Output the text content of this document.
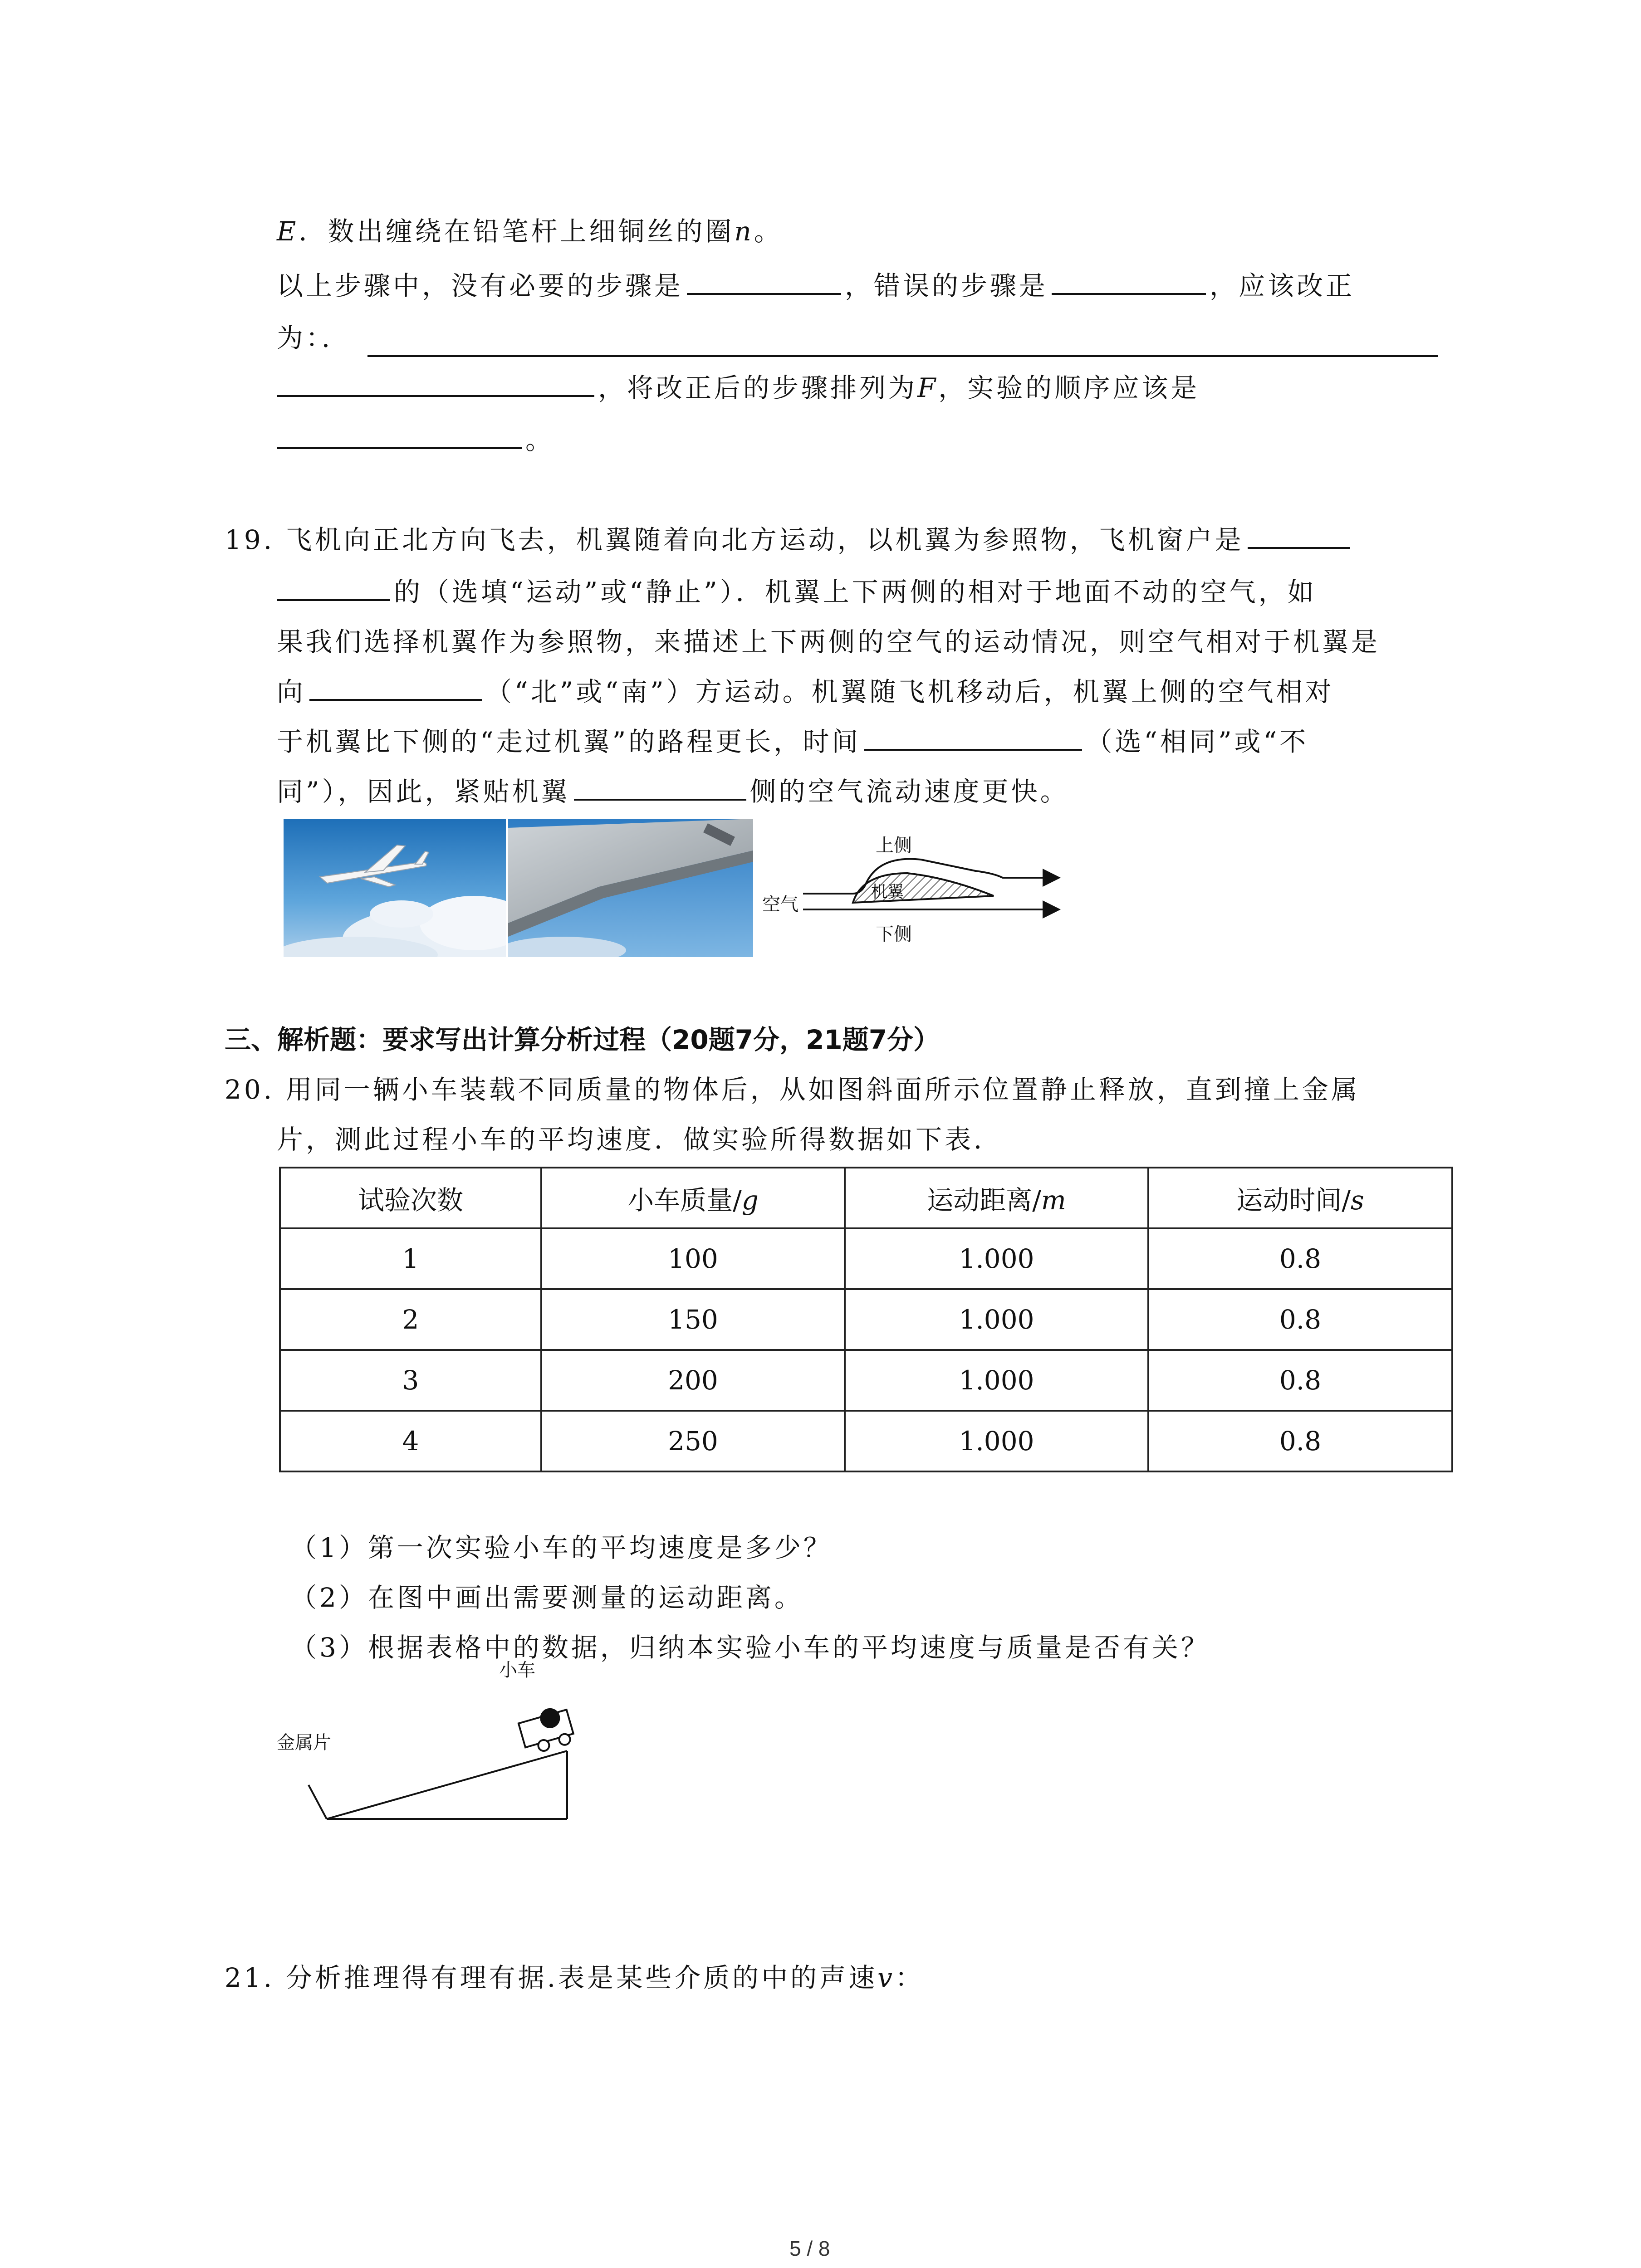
E．数出缠绕在铅笔杆上细铜丝的圈n。
以上步骤中，没有必要的步骤是	，错误的步骤是	，应该改正
为：．
，将改正后的步骤排列为F，实验的顺序应该是
。
19. 飞机向正北方向飞去，机翼随着向北方运动，以机翼为参照物，飞机窗户是
的（选填“运动”或“静止”）．机翼上下两侧的相对于地面不动的空气，如
果我们选择机翼作为参照物，来描述上下两侧的空气的运动情况，则空气相对于机翼是
向	（“北”或“南”）方运动。机翼随飞机移动后，机翼上侧的空气相对
于机翼比下侧的“走过机翼”的路程更长，时间	（选“相同”或“不
同”），因此，紧贴机翼	侧的空气流动速度更快。
上侧
机翼
空气
下侧
三、解析题：要求写出计算分析过程（20题7分，21题7分）
20. 用同一辆小车装载不同质量的物体后，从如图斜面所示位置静止释放，直到撞上金属
片，测此过程小车的平均速度．做实验所得数据如下表．
试验次数	小车质量/g	运动距离/m	运动时间/s
1	100	1.000	0.8
2	150	1.000	0.8
3	200	1.000	0.8
4	250	1.000	0.8
（1）第一次实验小车的平均速度是多少？
（2）在图中画出需要测量的运动距离。
（3）根据表格中的数据，归纳本实验小车的平均速度与质量是否有关？
小车
金属片
21. 分析推理得有理有据.表是某些介质的中的声速v：
5 / 8
